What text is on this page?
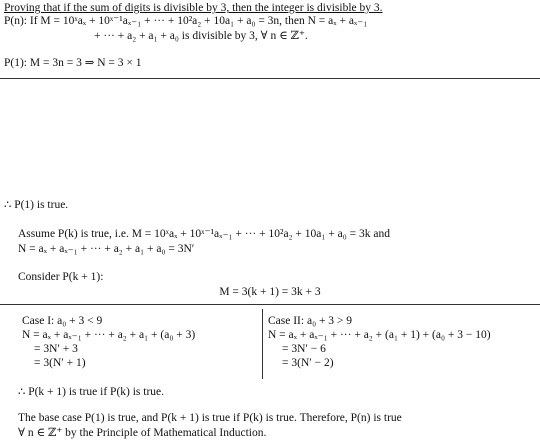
Proving that if the sum of digits is divisible by 3, then the integer is divisible by 3.
P(n): If M = 10ˣaₓ + 10ˣ⁻¹aₓ₋₁ + ··· + 10²a₂ + 10a₁ + a₀ = 3n, then N = aₓ + aₓ₋₁
+ ··· + a₂ + a₁ + a₀ is divisible by 3, ∀ n ∈ ℤ⁺.
P(1): M = 3n = 3 ⇒ N = 3 × 1
∴ P(1) is true.
Assume P(k) is true, i.e. M = 10ˣaₓ + 10ˣ⁻¹aₓ₋₁ + ··· + 10²a₂ + 10a₁ + a₀ = 3k and
N = aₓ + aₓ₋₁ + ··· + a₂ + a₁ + a₀ = 3N′
Consider P(k + 1):
M = 3(k + 1) = 3k + 3
Case I: a₀ + 3 < 9
N = aₓ + aₓ₋₁ + ··· + a₂ + a₁ + (a₀ + 3)
= 3N′ + 3
= 3(N′ + 1)
Case II: a₀ + 3 > 9
N = aₓ + aₓ₋₁ + ··· + a₂ + (a₁ + 1) + (a₀ + 3 − 10)
= 3N′ − 6
= 3(N′ − 2)
∴ P(k + 1) is true if P(k) is true.
The base case P(1) is true, and P(k + 1) is true if P(k) is true. Therefore, P(n) is true
∀ n ∈ ℤ⁺ by the Principle of Mathematical Induction.
